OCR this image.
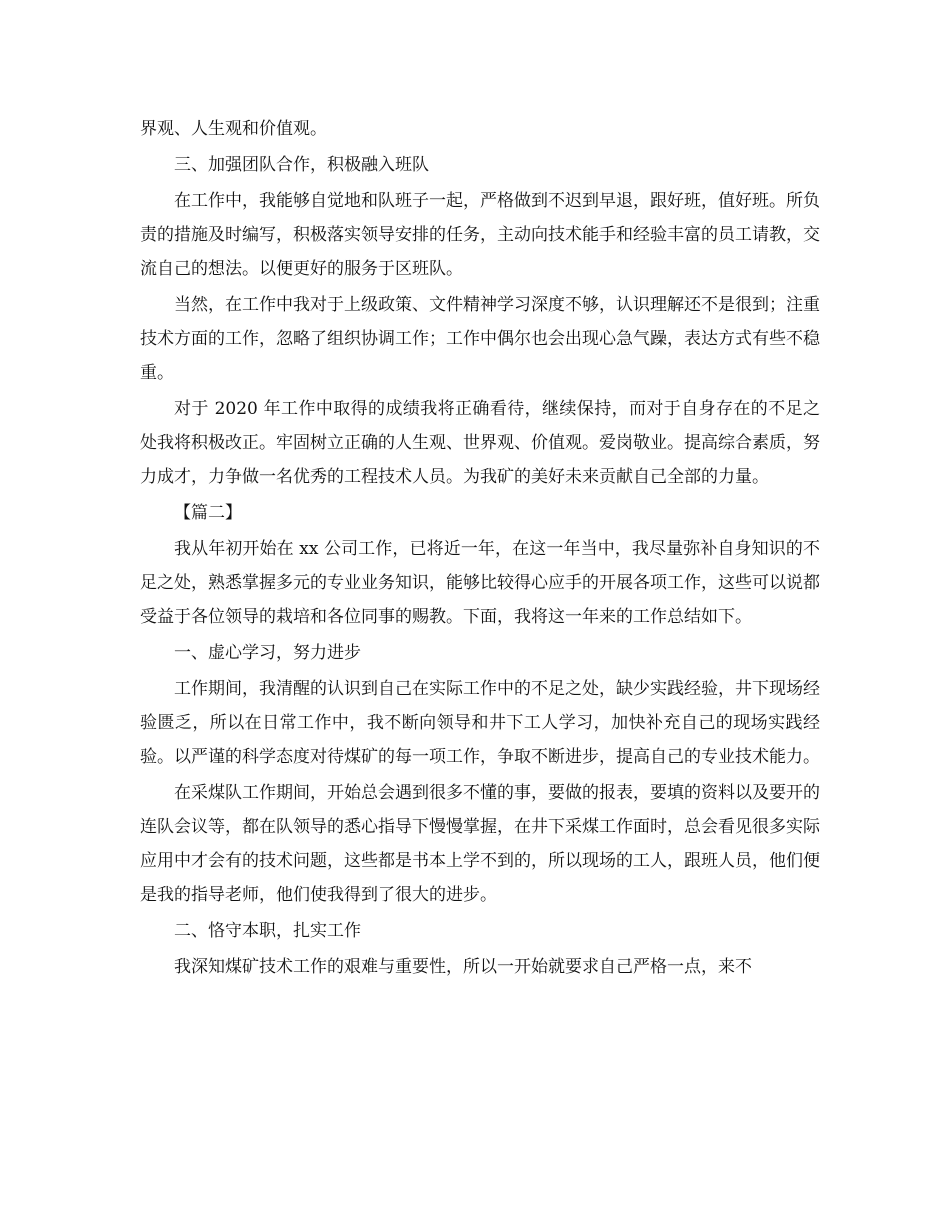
界观、人生观和价值观。

三、加强团队合作，积极融入班队

在工作中，我能够自觉地和队班子一起，严格做到不迟到早退，跟好班，值好班。所负责的措施及时编写，积极落实领导安排的任务，主动向技术能手和经验丰富的员工请教，交流自己的想法。以便更好的服务于区班队。

当然，在工作中我对于上级政策、文件精神学习深度不够，认识理解还不是很到；注重技术方面的工作，忽略了组织协调工作；工作中偶尔也会出现心急气躁，表达方式有些不稳重。

对于 2020 年工作中取得的成绩我将正确看待，继续保持，而对于自身存在的不足之处我将积极改正。牢固树立正确的人生观、世界观、价值观。爱岗敬业。提高综合素质，努力成才，力争做一名优秀的工程技术人员。为我矿的美好未来贡献自己全部的力量。

【篇二】

我从年初开始在 xx 公司工作，已将近一年，在这一年当中，我尽量弥补自身知识的不足之处，熟悉掌握多元的专业业务知识，能够比较得心应手的开展各项工作，这些可以说都受益于各位领导的栽培和各位同事的赐教。下面，我将这一年来的工作总结如下。

一、虚心学习，努力进步

工作期间，我清醒的认识到自己在实际工作中的不足之处，缺少实践经验，井下现场经验匮乏，所以在日常工作中，我不断向领导和井下工人学习，加快补充自己的现场实践经验。以严谨的科学态度对待煤矿的每一项工作，争取不断进步，提高自己的专业技术能力。

在采煤队工作期间，开始总会遇到很多不懂的事，要做的报表，要填的资料以及要开的连队会议等，都在队领导的悉心指导下慢慢掌握，在井下采煤工作面时，总会看见很多实际应用中才会有的技术问题，这些都是书本上学不到的，所以现场的工人，跟班人员，他们便是我的指导老师，他们使我得到了很大的进步。

二、恪守本职，扎实工作

我深知煤矿技术工作的艰难与重要性，所以一开始就要求自己严格一点，来不
